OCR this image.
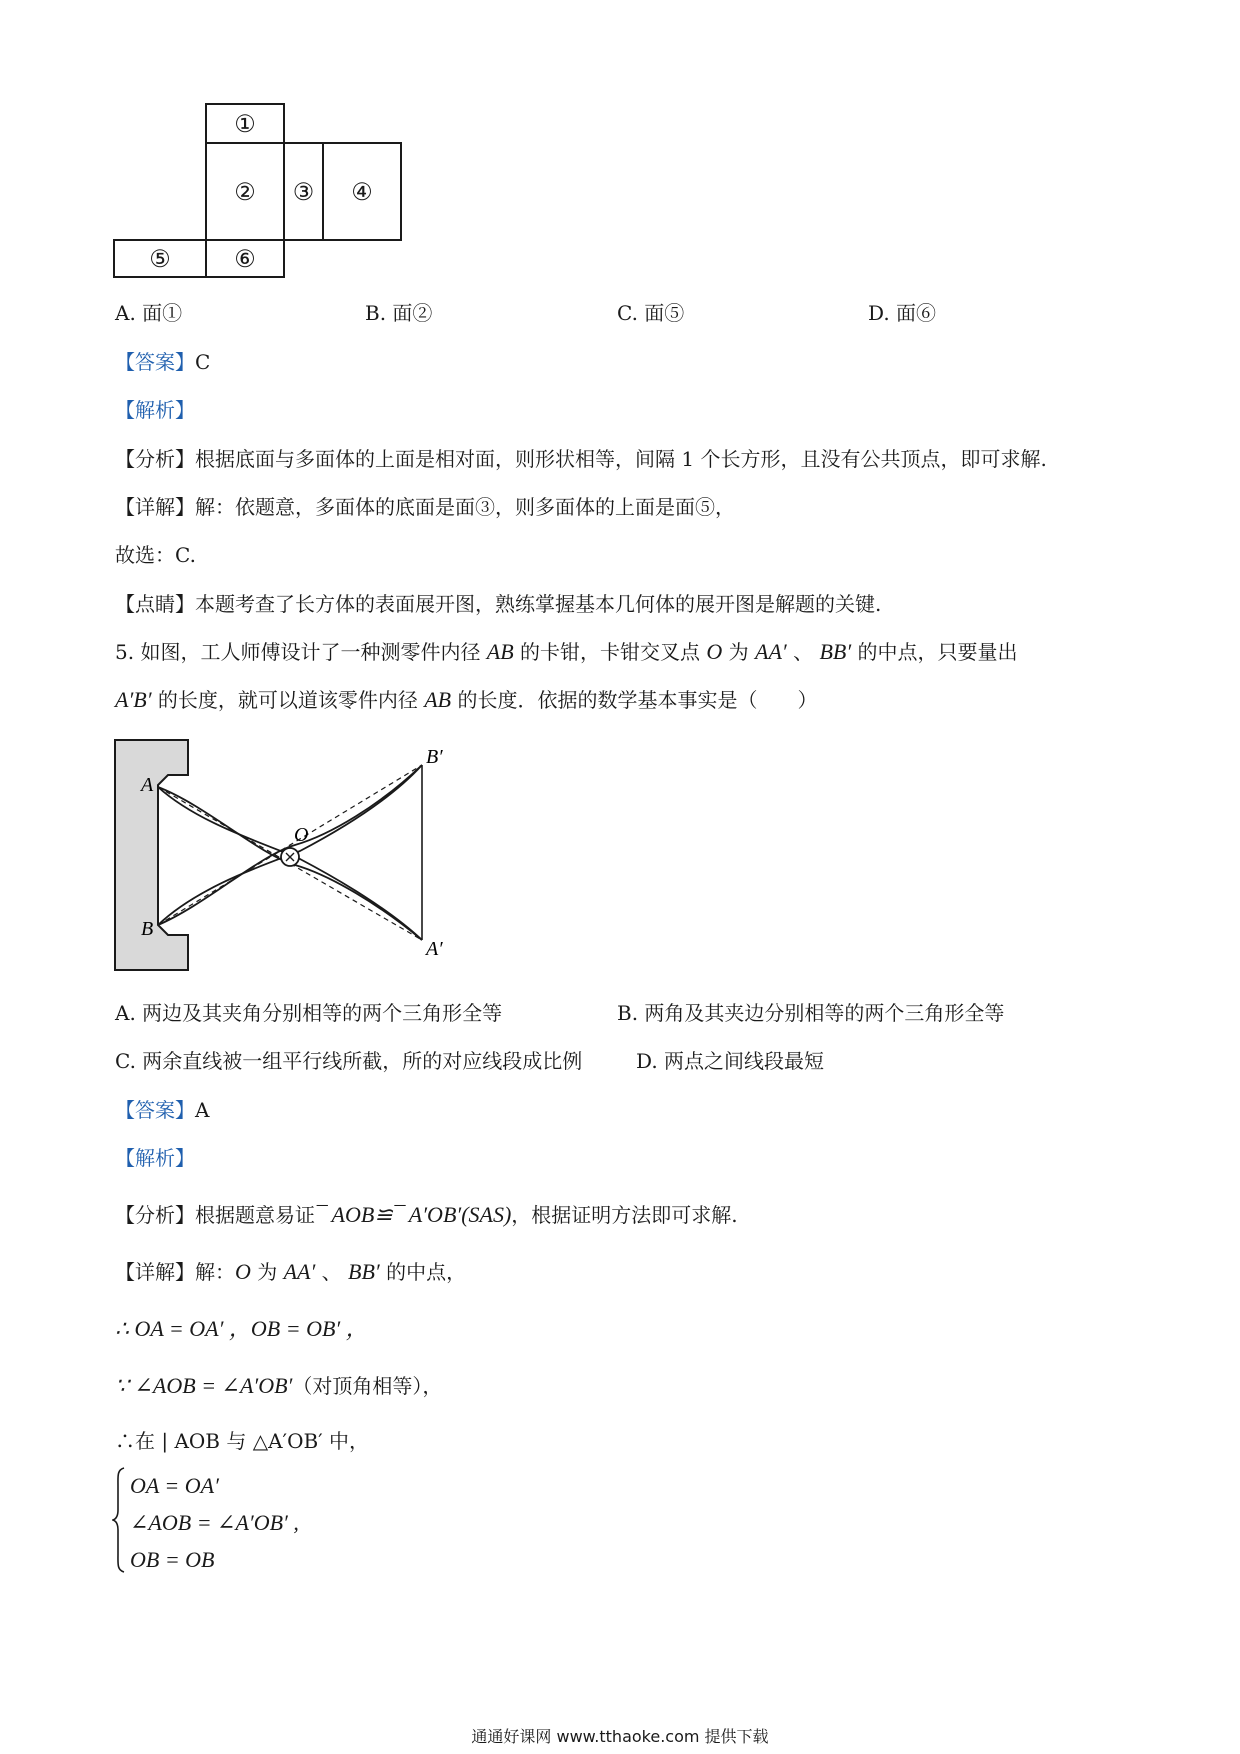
①
② ③ ④
⑤	⑥
A. 面①	B. 面②	C. 面⑤	D. 面⑥
【答案】C
【解析】
【分析】根据底面与多面体的上面是相对面，则形状相等，间隔 1 个长方形，且没有公共顶点，即可求解.
【详解】解：依题意，多面体的底面是面③，则多面体的上面是面⑤，
故选：C.
【点睛】本题考查了长方体的表面展开图，熟练掌握基本几何体的展开图是解题的关键.
5. 如图，工人师傅设计了一种测零件内径 AB 的卡钳，卡钳交叉点 O 为 AA′ 、 BB′ 的中点，只要量出
A′B′ 的长度，就可以道该零件内径 AB 的长度．依据的数学基本事实是（　　）
A
B
O
B′
A′
A. 两边及其夹角分别相等的两个三角形全等	B. 两角及其夹边分别相等的两个三角形全等
C. 两余直线被一组平行线所截，所的对应线段成比例	D. 两点之间线段最短
【答案】A
【解析】
【分析】根据题意易证¯ AOB≌¯ A′OB′(SAS)，根据证明方法即可求解.
【详解】解：O 为 AA′ 、 BB′ 的中点，
∴ OA = OA′ ，OB = OB′ ，
∵ ∠AOB = ∠A′OB′（对顶角相等），
∴在 | AOB 与 △A′OB′ 中，
OA = OA′
∠AOB = ∠A′OB′ ,
OB = OB
通通好课网 www.tthaoke.com 提供下载
